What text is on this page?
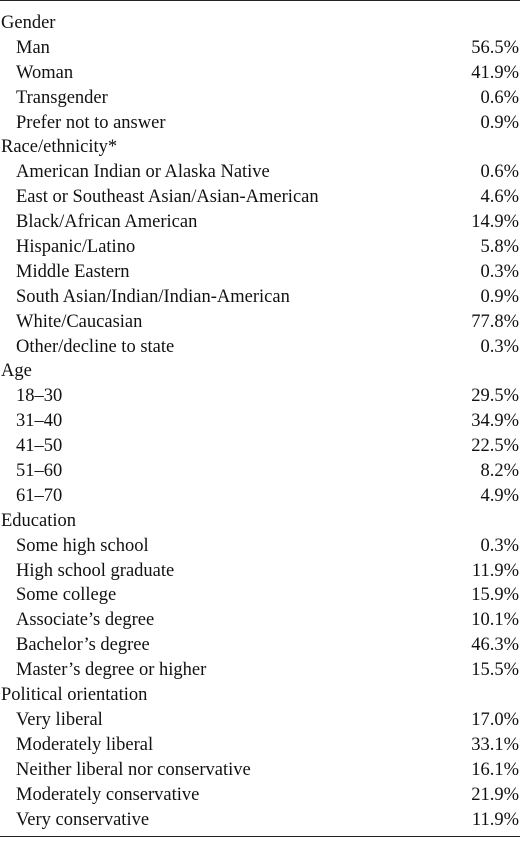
Gender
Man	56.5%
Woman	41.9%
Transgender	0.6%
Prefer not to answer	0.9%
Race/ethnicity*
American Indian or Alaska Native	0.6%
East or Southeast Asian/Asian-American	4.6%
Black/African American	14.9%
Hispanic/Latino	5.8%
Middle Eastern	0.3%
South Asian/Indian/Indian-American	0.9%
White/Caucasian	77.8%
Other/decline to state	0.3%
Age
18–30	29.5%
31–40	34.9%
41–50	22.5%
51–60	8.2%
61–70	4.9%
Education
Some high school	0.3%
High school graduate	11.9%
Some college	15.9%
Associate’s degree	10.1%
Bachelor’s degree	46.3%
Master’s degree or higher	15.5%
Political orientation
Very liberal	17.0%
Moderately liberal	33.1%
Neither liberal nor conservative	16.1%
Moderately conservative	21.9%
Very conservative	11.9%
